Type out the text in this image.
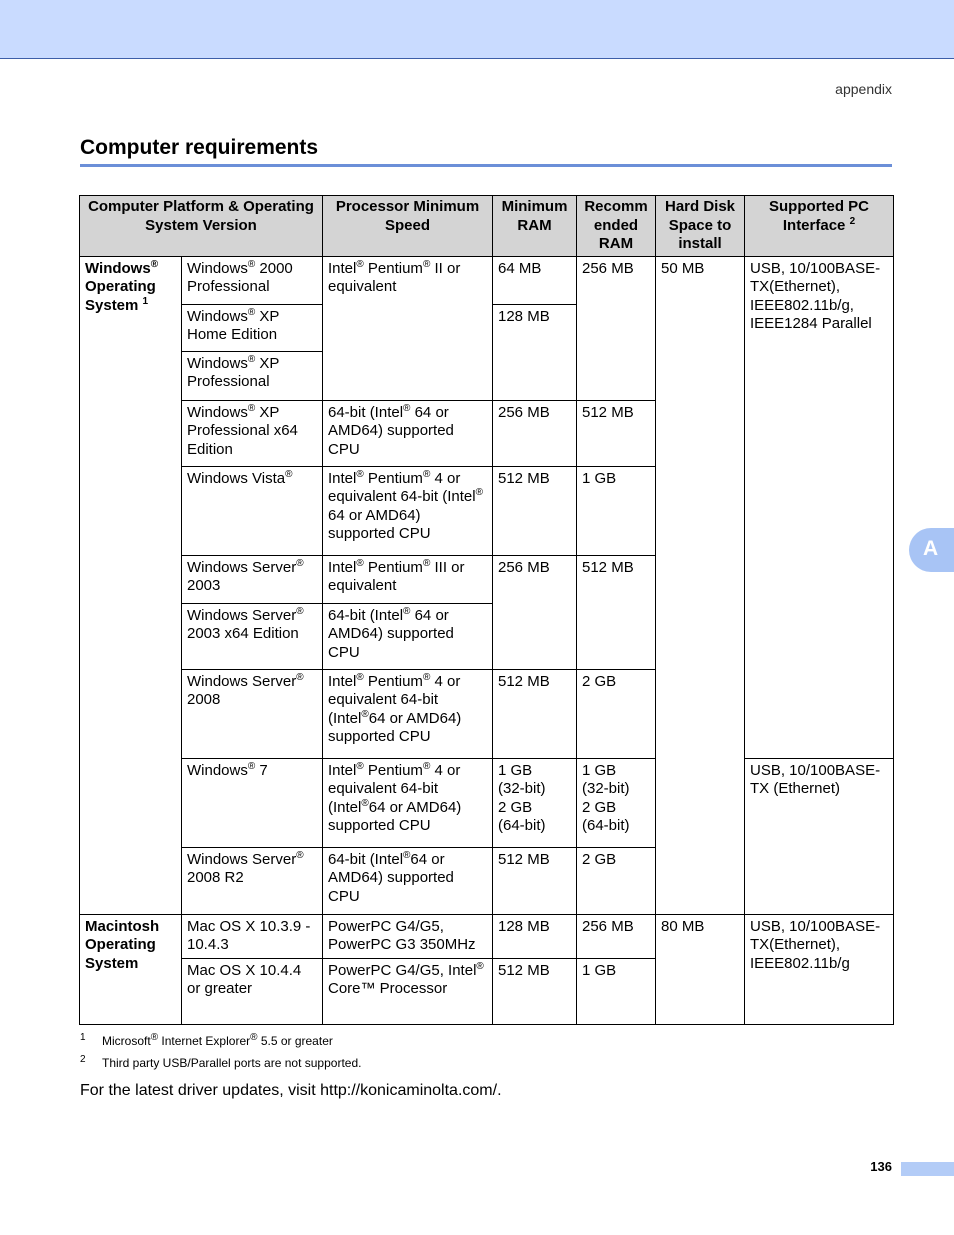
appendix
Computer requirements
Computer Platform & Operating System Version		Processor Minimum Speed	Minimum RAM	Recomm ended RAM	Hard Disk Space to install	Supported PC Interface $^2$
Windows®
Operating
System $^1$	Windows® 2000 Professional	Intel® Pentium® II or equivalent	64 MB	256 MB	50 MB	USB, 10/100BASE-TX(Ethernet), IEEE802.11b/g, IEEE1284 Parallel
	Windows® XP Home Edition		128 MB			
	Windows® XP Professional					
	Windows® XP Professional x64 Edition	64-bit (Intel® 64 or AMD64) supported CPU	256 MB	512 MB		
	Windows Vista®	Intel® Pentium® 4 or equivalent 64-bit (Intel® 64 or AMD64) supported CPU	512 MB	1 GB		
	Windows Server® 2003	Intel® Pentium® III or equivalent	256 MB	512 MB		
	Windows Server® 2003 x64 Edition	64-bit (Intel® 64 or AMD64) supported CPU				
	Windows Server® 2008	Intel® Pentium® 4 or equivalent 64-bit (Intel®64 or AMD64) supported CPU	512 MB	2 GB		
	Windows® 7	Intel® Pentium® 4 or equivalent 64-bit (Intel®64 or AMD64) supported CPU	1 GB
(32-bit)
2 GB
(64-bit)	1 GB
(32-bit)
2 GB
(64-bit)		USB, 10/100BASE-TX (Ethernet)
	Windows Server® 2008 R2	64-bit (Intel®64 or AMD64) supported CPU	512 MB	2 GB		
Macintosh Operating System	Mac OS X 10.3.9 - 10.4.3	PowerPC G4/G5, PowerPC G3 350MHz	128 MB	256 MB	80 MB	USB, 10/100BASE-TX(Ethernet), IEEE802.11b/g
	Mac OS X 10.4.4 or greater	PowerPC G4/G5, Intel® Core™ Processor	512 MB	1 GB		
1 Microsoft® Internet Explorer® 5.5 or greater
2 Third party USB/Parallel ports are not supported.
For the latest driver updates, visit http://konicaminolta.com/.
A
136
